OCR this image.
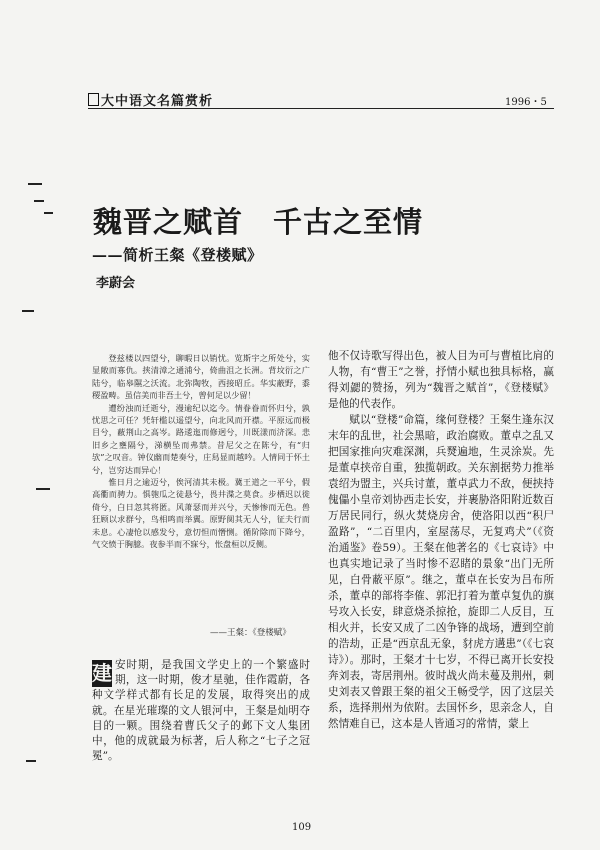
大中语文名篇赏析	1996・5
魏晋之赋首　千古之至情
——简析王粲《登楼赋》
李蔚会

登兹楼以四望兮，聊暇日以销忧。览斯宇之所处兮，实显敞而寡仇。挟清漳之通浦兮，倚曲沮之长洲。背坟衍之广陆兮，临皋隰之沃流。北弥陶牧，西接昭丘。华实蔽野，黍稷盈畴。虽信美而非吾土兮，曾何足以少留！

遭纷浊而迁逝兮，漫逾纪以迄今。情眷眷而怀归兮，孰忧思之可任？凭轩槛以遥望兮，向北风而开襟。平原远而极目兮，蔽荆山之高岑。路逶迤而修迥兮，川既漾而济深。悲旧乡之壅隔兮，涕横坠而弗禁。昔尼父之在陈兮，有“归欤”之叹音。钟仪幽而楚奏兮，庄舄显而越吟。人情同于怀土兮，岂穷达而异心！

惟日月之逾迈兮，俟河清其未极。冀王道之一平兮，假高衢而骋力。惧匏瓜之徒悬兮，畏井渫之莫食。步栖迟以徙倚兮，白日忽其将匿。风萧瑟而并兴兮，天惨惨而无色。兽狂顾以求群兮，鸟相鸣而举翼。原野阒其无人兮，征夫行而未息。心凄怆以感发兮，意忉怛而憯恻。循阶除而下降兮，气交愤于胸臆。夜参半而不寐兮，怅盘桓以反侧。

——王粲：《登楼赋》
建 安时期，是我国文学史上的一个繁盛时期，这一时期，俊才星驰，佳作霞蔚，各种文学样式都有长足的发展，取得突出的成就。在星光璀璨的文人银河中，王粲是灿明夺目的一颗。围绕着曹氏父子的邺下文人集团中，他的成就最为标著，后人称之“七子之冠冕”。

他不仅诗歌写得出色，被人目为可与曹植比肩的人物，有“曹王”之誉，抒情小赋也独具标格，赢得刘勰的赞扬，列为“魏晋之赋首”，《登楼赋》是他的代表作。

赋以“登楼”命篇，缘何登楼？王粲生逢东汉末年的乱世，社会黑暗，政治腐败。董卓之乱又把国家推向灾难深渊，兵燹遍地，生灵涂炭。先是董卓挟帝自重，独揽朝政。关东割据势力推举袁绍为盟主，兴兵讨董，董卓武力不敌，便挟持傀儡小皇帝刘协西走长安，并裹胁洛阳附近数百万居民同行，纵火焚烧房舍，使洛阳以西“积尸盈路”，“二百里内，室屋荡尽，无复鸡犬”（《资治通鉴》卷59）。王粲在他著名的《七哀诗》中也真实地记录了当时惨不忍睹的景象“出门无所见，白骨蔽平原”。继之，董卓在长安为吕布所杀，董卓的部将李傕、郭汜打着为董卓复仇的旗号攻入长安，肆意烧杀掠抢，旋即二人反目，互相火并，长安又成了二凶争锋的战场，遭到空前的浩劫，正是“西京乱无象，豺虎方遘患”（《七哀诗》）。那时，王粲才十七岁，不得已离开长安投奔刘表，寄居荆州。彼时战火尚未蔓及荆州，刺史刘表又曾跟王粲的祖父王畅受学，因了这层关系，选择荆州为依附。去国怀乡，思亲念人，自然情难自已，这本是人皆通习的常情，蒙上

109
